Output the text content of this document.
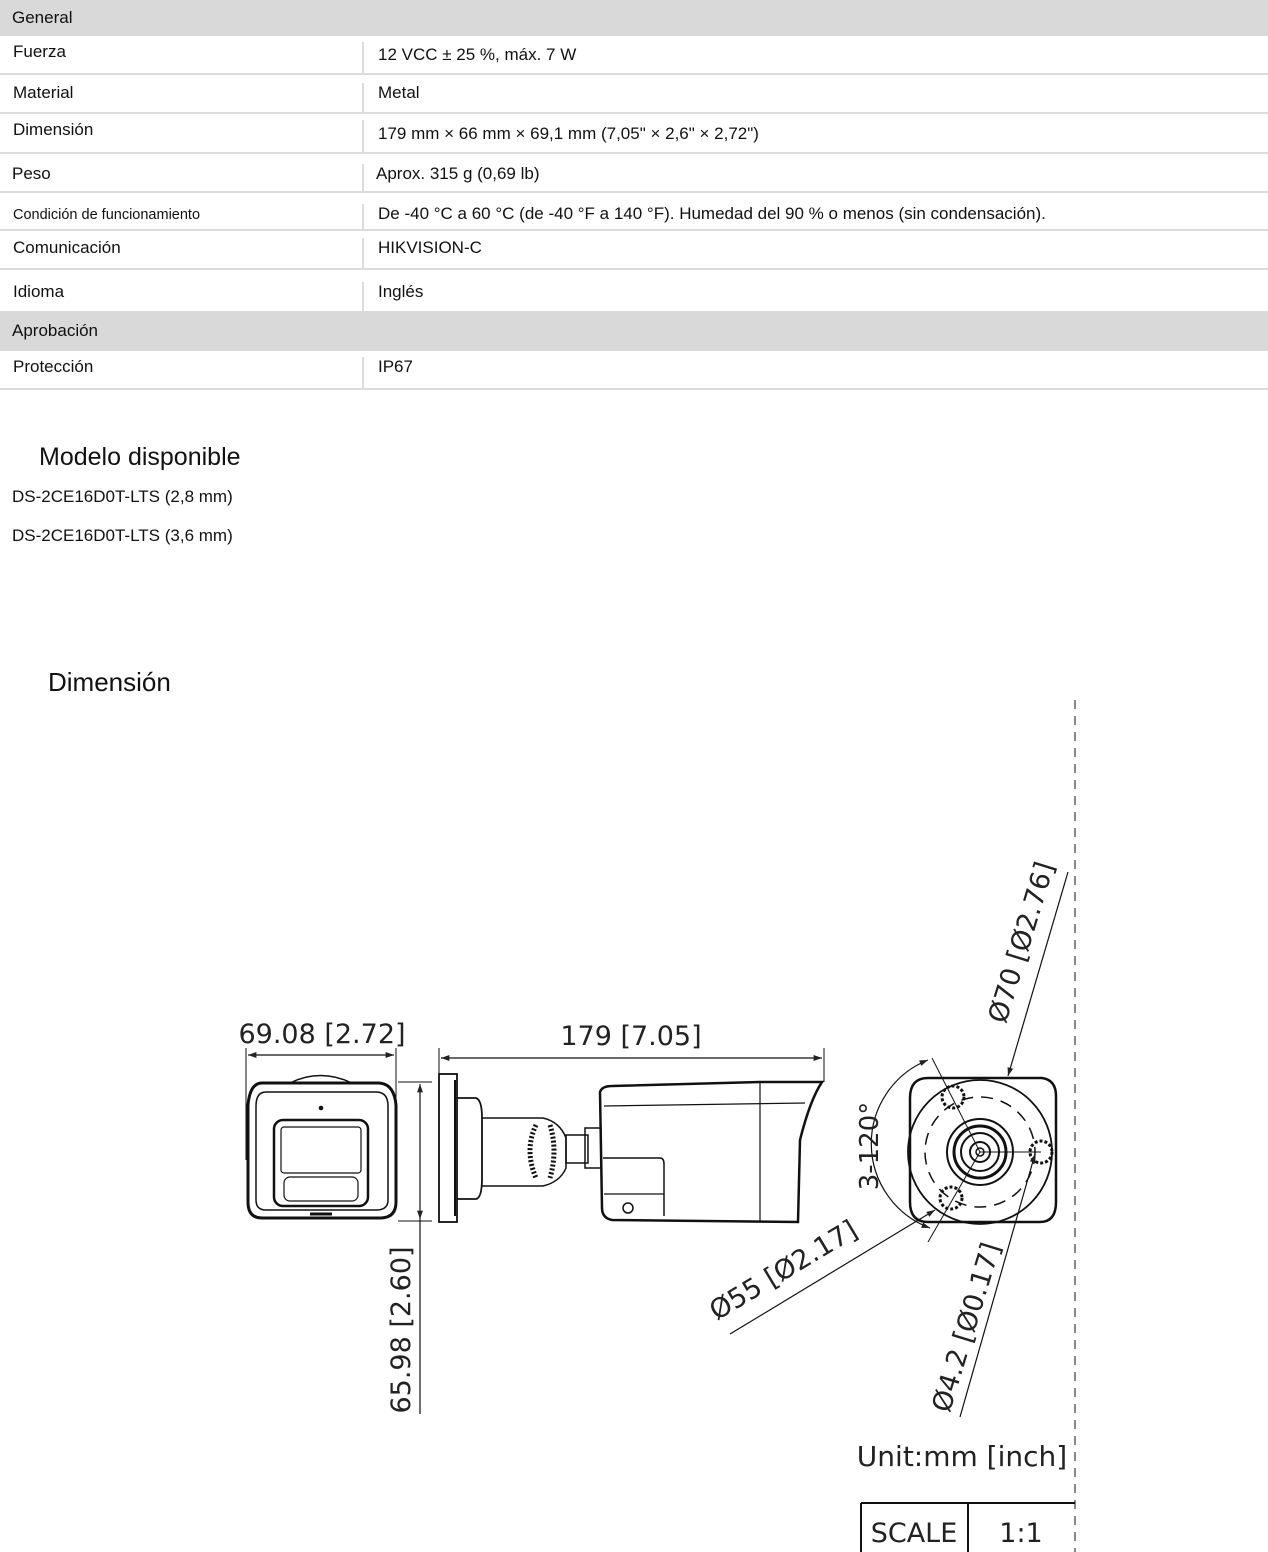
General
Fuerza	12 VCC ± 25 %, máx. 7 W
Material	Metal
Dimensión	179 mm × 66 mm × 69,1 mm (7,05" × 2,6" × 2,72")
Peso	Aprox. 315 g (0,69 lb)
Condición de funcionamiento	De -40 °C a 60 °C (de -40 °F a 140 °F). Humedad del 90 % o menos (sin condensación).
Comunicación	HIKVISION-C
Idioma	Inglés
Aprobación
Protección	IP67
Modelo disponible
DS-2CE16D0T-LTS (2,8 mm)
DS-2CE16D0T-LTS (3,6 mm)
Dimensión
69.08 [2.72]
65.98 [2.60]
179 [7.05]
Ø70 [Ø2.76]
Ø55 [Ø2.17] Ø4.2 [Ø0.17]
3-120°
Unit:mm [inch]
SCALE 1:1
